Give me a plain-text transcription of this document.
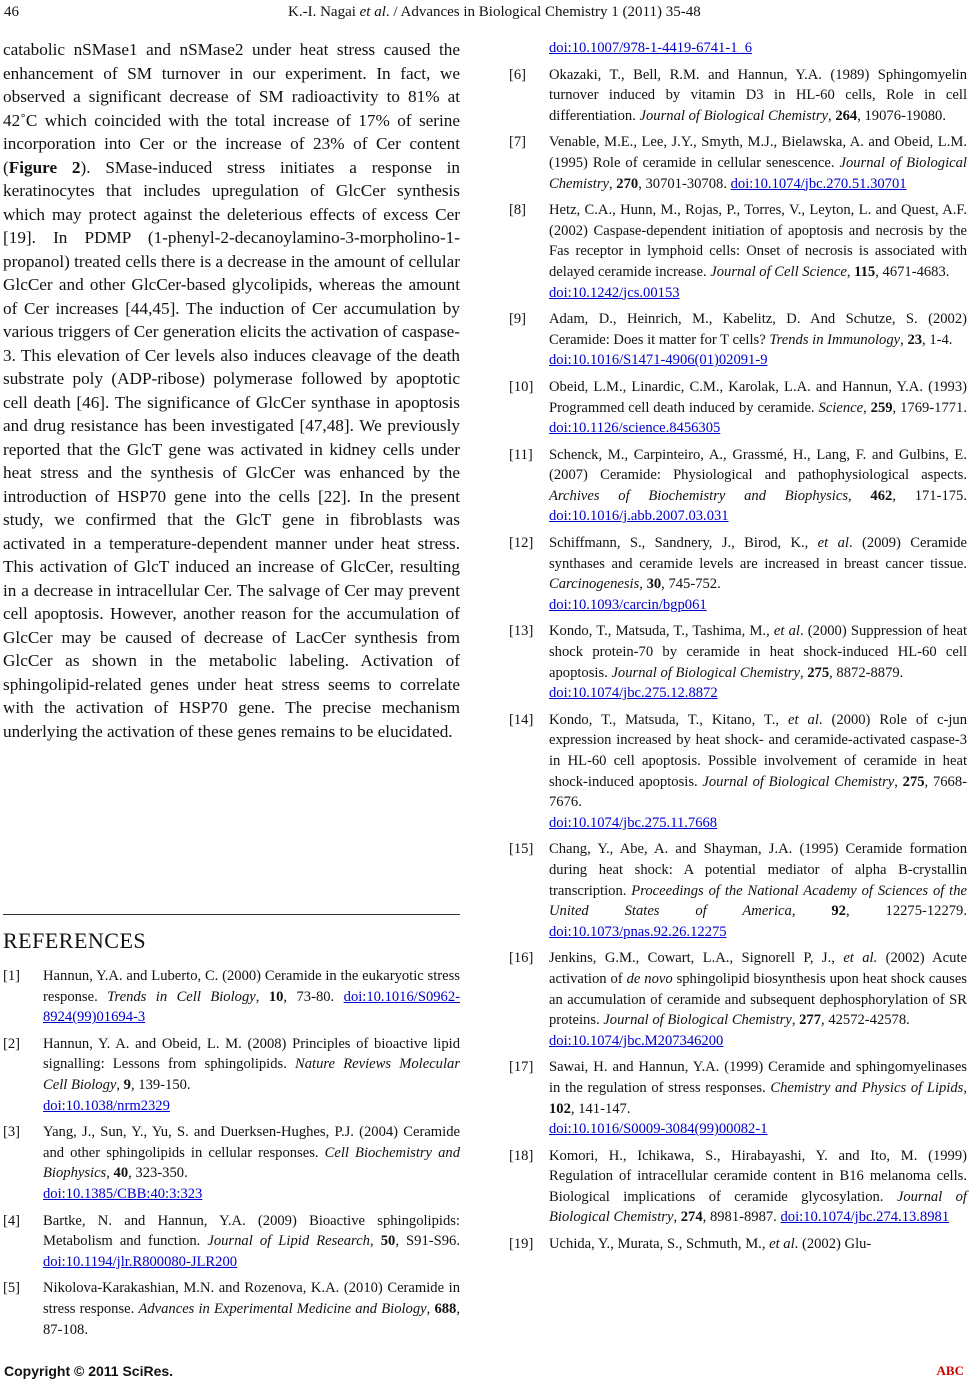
46	K.-I. Nagai et al. / Advances in Biological Chemistry 1 (2011) 35-48

catabolic nSMase1 and nSMase2 under heat stress caused the enhancement of SM turnover in our experiment. In fact, we observed a significant decrease of SM radioactivity to 81% at 42˚C which coincided with the total increase of 17% of serine incorporation into Cer or the increase of 23% of Cer content (Figure 2). SMase-induced stress initiates a response in keratinocytes that includes upregulation of GlcCer synthesis which may protect against the deleterious effects of excess Cer [19]. In PDMP (1-phenyl-2-decanoylamino-3-morpholino-1-propanol) treated cells there is a decrease in the amount of cellular GlcCer and other GlcCer-based glycolipids, whereas the amount of Cer increases [44,45]. The induction of Cer accumulation by various triggers of Cer generation elicits the activation of caspase-3. This elevation of Cer levels also induces cleavage of the death substrate poly (ADP-ribose) polymerase followed by apoptotic cell death [46]. The significance of GlcCer synthase in apoptosis and drug resistance has been investigated [47,48]. We previously reported that the GlcT gene was activated in kidney cells under heat stress and the synthesis of GlcCer was enhanced by the introduction of HSP70 gene into the cells [22]. In the present study, we confirmed that the GlcT gene in fibroblasts was activated in a temperature-dependent manner under heat stress. This activation of GlcT induced an increase of GlcCer, resulting in a decrease in intracellular Cer. The salvage of Cer may prevent cell apoptosis. However, another reason for the accumulation of GlcCer may be caused of decrease of LacCer synthesis from GlcCer as shown in the metabolic labeling. Activation of sphingolipid-related genes under heat stress seems to correlate with the activation of HSP70 gene. The precise mechanism underlying the activation of these genes remains to be elucidated.

REFERENCES
[1] Hannun, Y.A. and Luberto, C. (2000) Ceramide in the eukaryotic stress response. Trends in Cell Biology, 10, 73-80. doi:10.1016/S0962-8924(99)01694-3
[2] Hannun, Y. A. and Obeid, L. M. (2008) Principles of bioactive lipid signalling: Lessons from sphingolipids. Nature Reviews Molecular Cell Biology, 9, 139-150.
doi:10.1038/nrm2329
[3] Yang, J., Sun, Y., Yu, S. and Duerksen-Hughes, P.J. (2004) Ceramide and other sphingolipids in cellular responses. Cell Biochemistry and Biophysics, 40, 323-350.
doi:10.1385/CBB:40:3:323
[4] Bartke, N. and Hannun, Y.A. (2009) Bioactive sphingolipids: Metabolism and function. Journal of Lipid Research, 50, S91-S96. doi:10.1194/jlr.R800080-JLR200
[5] Nikolova-Karakashian, M.N. and Rozenova, K.A. (2010) Ceramide in stress response. Advances in Experimental Medicine and Biology, 688, 87-108.
doi:10.1007/978-1-4419-6741-1_6
[6] Okazaki, T., Bell, R.M. and Hannun, Y.A. (1989) Sphingomyelin turnover induced by vitamin D3 in HL-60 cells, Role in cell differentiation. Journal of Biological Chemistry, 264, 19076-19080.
[7] Venable, M.E., Lee, J.Y., Smyth, M.J., Bielawska, A. and Obeid, L.M. (1995) Role of ceramide in cellular senescence. Journal of Biological Chemistry, 270, 30701-30708. doi:10.1074/jbc.270.51.30701
[8] Hetz, C.A., Hunn, M., Rojas, P., Torres, V., Leyton, L. and Quest, A.F. (2002) Caspase-dependent initiation of apoptosis and necrosis by the Fas receptor in lymphoid cells: Onset of necrosis is associated with delayed ceramide increase. Journal of Cell Science, 115, 4671-4683.
doi:10.1242/jcs.00153
[9] Adam, D., Heinrich, M., Kabelitz, D. And Schutze, S. (2002) Ceramide: Does it matter for T cells? Trends in Immunology, 23, 1-4.
doi:10.1016/S1471-4906(01)02091-9
[10] Obeid, L.M., Linardic, C.M., Karolak, L.A. and Hannun, Y.A. (1993) Programmed cell death induced by ceramide. Science, 259, 1769-1771. doi:10.1126/science.8456305
[11] Schenck, M., Carpinteiro, A., Grassmé, H., Lang, F. and Gulbins, E. (2007) Ceramide: Physiological and pathophysiological aspects. Archives of Biochemistry and Biophysics, 462, 171-175. doi:10.1016/j.abb.2007.03.031
[12] Schiffmann, S., Sandnery, J., Birod, K., et al. (2009) Ceramide synthases and ceramide levels are increased in breast cancer tissue. Carcinogenesis, 30, 745-752.
doi:10.1093/carcin/bgp061
[13] Kondo, T., Matsuda, T., Tashima, M., et al. (2000) Suppression of heat shock protein-70 by ceramide in heat shock-induced HL-60 cell apoptosis. Journal of Biological Chemistry, 275, 8872-8879.
doi:10.1074/jbc.275.12.8872
[14] Kondo, T., Matsuda, T., Kitano, T., et al. (2000) Role of c-jun expression increased by heat shock- and ceramide-activated caspase-3 in HL-60 cell apoptosis. Possible involvement of ceramide in heat shock-induced apoptosis. Journal of Biological Chemistry, 275, 7668-7676.
doi:10.1074/jbc.275.11.7668
[15] Chang, Y., Abe, A. and Shayman, J.A. (1995) Ceramide formation during heat shock: A potential mediator of alpha B-crystallin transcription. Proceedings of the National Academy of Sciences of the United States of America, 92, 12275-12279. doi:10.1073/pnas.92.26.12275
[16] Jenkins, G.M., Cowart, L.A., Signorell P, J., et al. (2002) Acute activation of de novo sphingolipid biosynthesis upon heat shock causes an accumulation of ceramide and subsequent dephosphorylation of SR proteins. Journal of Biological Chemistry, 277, 42572-42578.
doi:10.1074/jbc.M207346200
[17] Sawai, H. and Hannun, Y.A. (1999) Ceramide and sphingomyelinases in the regulation of stress responses. Chemistry and Physics of Lipids, 102, 141-147.
doi:10.1016/S0009-3084(99)00082-1
[18] Komori, H., Ichikawa, S., Hirabayashi, Y. and Ito, M. (1999) Regulation of intracellular ceramide content in B16 melanoma cells. Biological implications of ceramide glycosylation. Journal of Biological Chemistry, 274, 8981-8987. doi:10.1074/jbc.274.13.8981
[19] Uchida, Y., Murata, S., Schmuth, M., et al. (2002) Glu-
Copyright © 2011 SciRes.	ABC
